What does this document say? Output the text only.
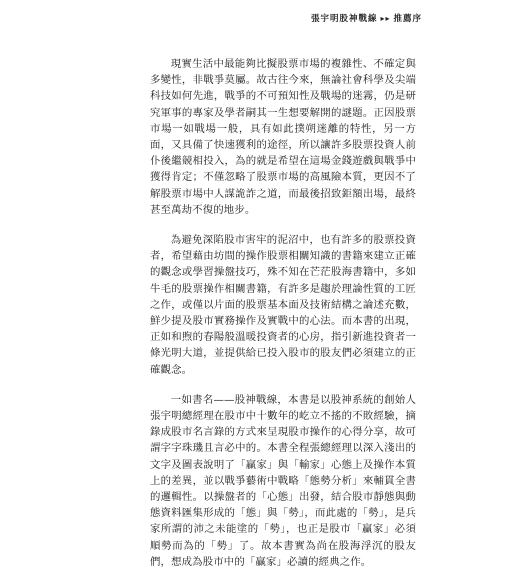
張宇明股神戰線 ▸▸ 推薦序

現實生活中最能夠比擬股票市場的複雜性、不確定與多變性，非戰爭莫屬。故古往今來，無論社會科學及尖端科技如何先進，戰爭的不可預知性及戰場的迷霧，仍是研究軍事的專家及學者嗣其一生想要解開的謎題。正因股票市場一如戰場一般，具有如此撲朔迷離的特性，另一方面，又具備了快速獲利的途徑，所以讓許多股票投資人前仆後繼競相投入，為的就是希望在這場金錢遊戲與戰爭中獲得肯定；不僅忽略了股票市場的高風險本質，更因不了解股票市場中人謀詭詐之道，而最後招致鉅額出場，最終甚至萬劫不復的地步。

為避免深陷股市害牢的泥沼中，也有許多的股票投資者，希望藉由坊間的操作股票相關知識的書籍來建立正確的觀念或學習操盤技巧，殊不知在芒茫股海書籍中，多如牛毛的股票操作相關書籍，有許多是趨於理論性質的工匠之作，或僅以片面的股票基本面及技術結構之論述充數，鮮少提及股市實務操作及實戰中的心法。而本書的出現，正如和煦的春陽般溫暖投資者的心房，指引新進投資者一條光明大道，並提供給已投入股市的股友們必須建立的正確觀念。

一如書名——股神戰線，本書是以股神系統的創始人張宇明總經理在股市中十數年的屹立不搖的不敗經驗，摘錄成股市名言錄的方式來呈現股市操作的心得分享，故可謂字字珠璣且言必中的。本書全程張總經理以深入淺出的文字及圖表說明了「贏家」與「輸家」心態上及操作本質上的差異，並以戰爭藝術中戰略「態勢分析」來輔貫全書的邏輯性。以操盤者的「心態」出發，結合股市靜態與動態資料匯集形成的「態」與「勢」，而此處的「勢」，是兵家所謂的沛之未能塗的「勢」，也正是股市「贏家」必須順勢而為的「勢」了。故本書實為尚在股海浮沉的股友們，想成為股市中的「贏家」必讀的經典之作。
